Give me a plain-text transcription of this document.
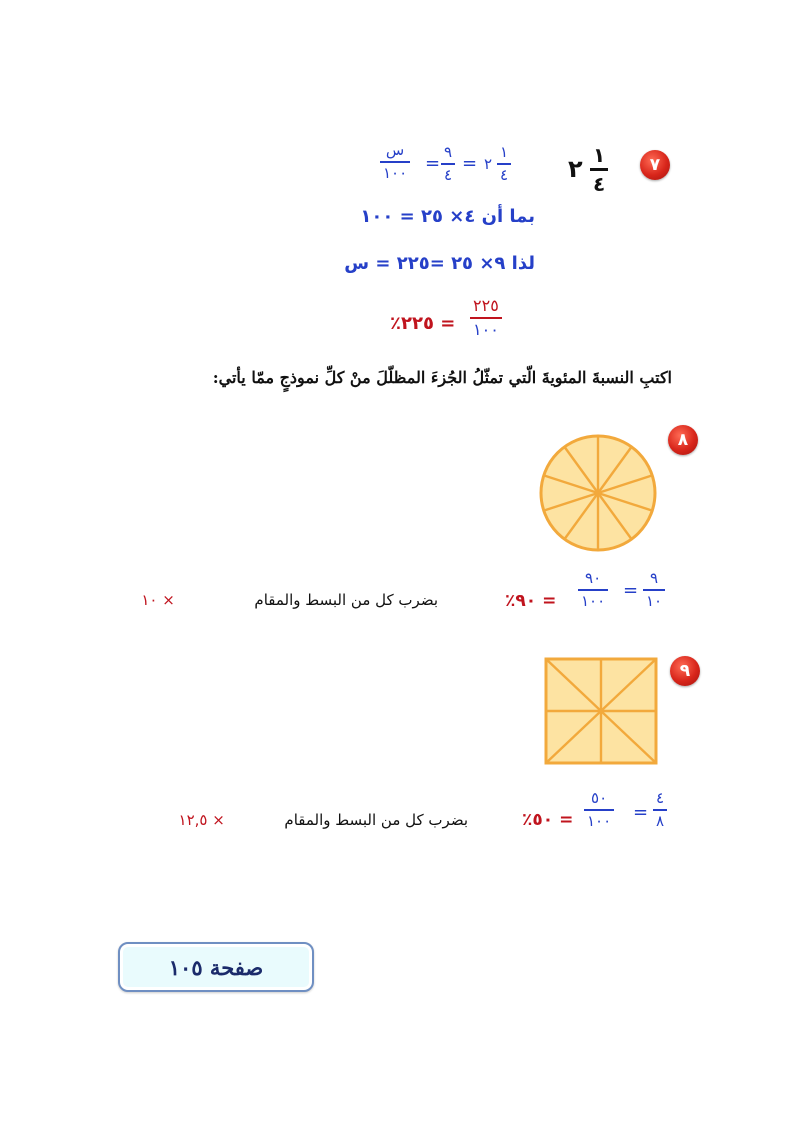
٧
٢ ١
٤
١
٤
٢
=
٩
٤
=
س
١٠٠
بما أن ٤× ٢٥ = ١٠٠
لذا ٩× ٢٥ =٢٢٥ = س
٢٢٥
١٠٠
= ٢٢٥٪
اكتبِ النسبةَ المئويةَ الّتي تمثّلُ الجُزءَ المظلّلَ منْ كلِّ نموذجٍ ممّا يأتي:
٨
٩
١٠
=
٩٠
١٠٠
= ٩٠٪
بضرب كل من البسط والمقام  × ١٠
٩
٤
٨
=
٥٠
١٠٠
= ٥٠٪
بضرب كل من البسط والمقام  × ١٢,٥
صفحة ١٠٥
